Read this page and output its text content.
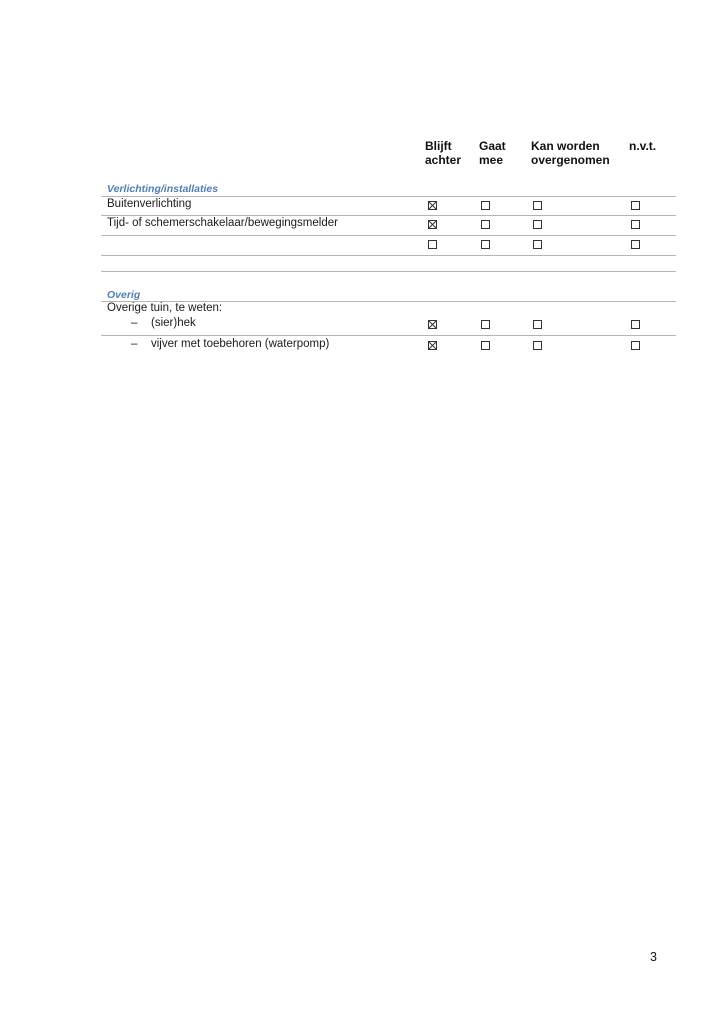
Blijft
achter
Gaat
mee
Kan worden
overgenomen
n.v.t.
Verlichting/installaties
Buitenverlichting
Tijd- of schemerschakelaar/bewegingsmelder
Overig
Overige tuin, te weten:
– (sier)hek
– vijver met toebehoren (waterpomp)
3
